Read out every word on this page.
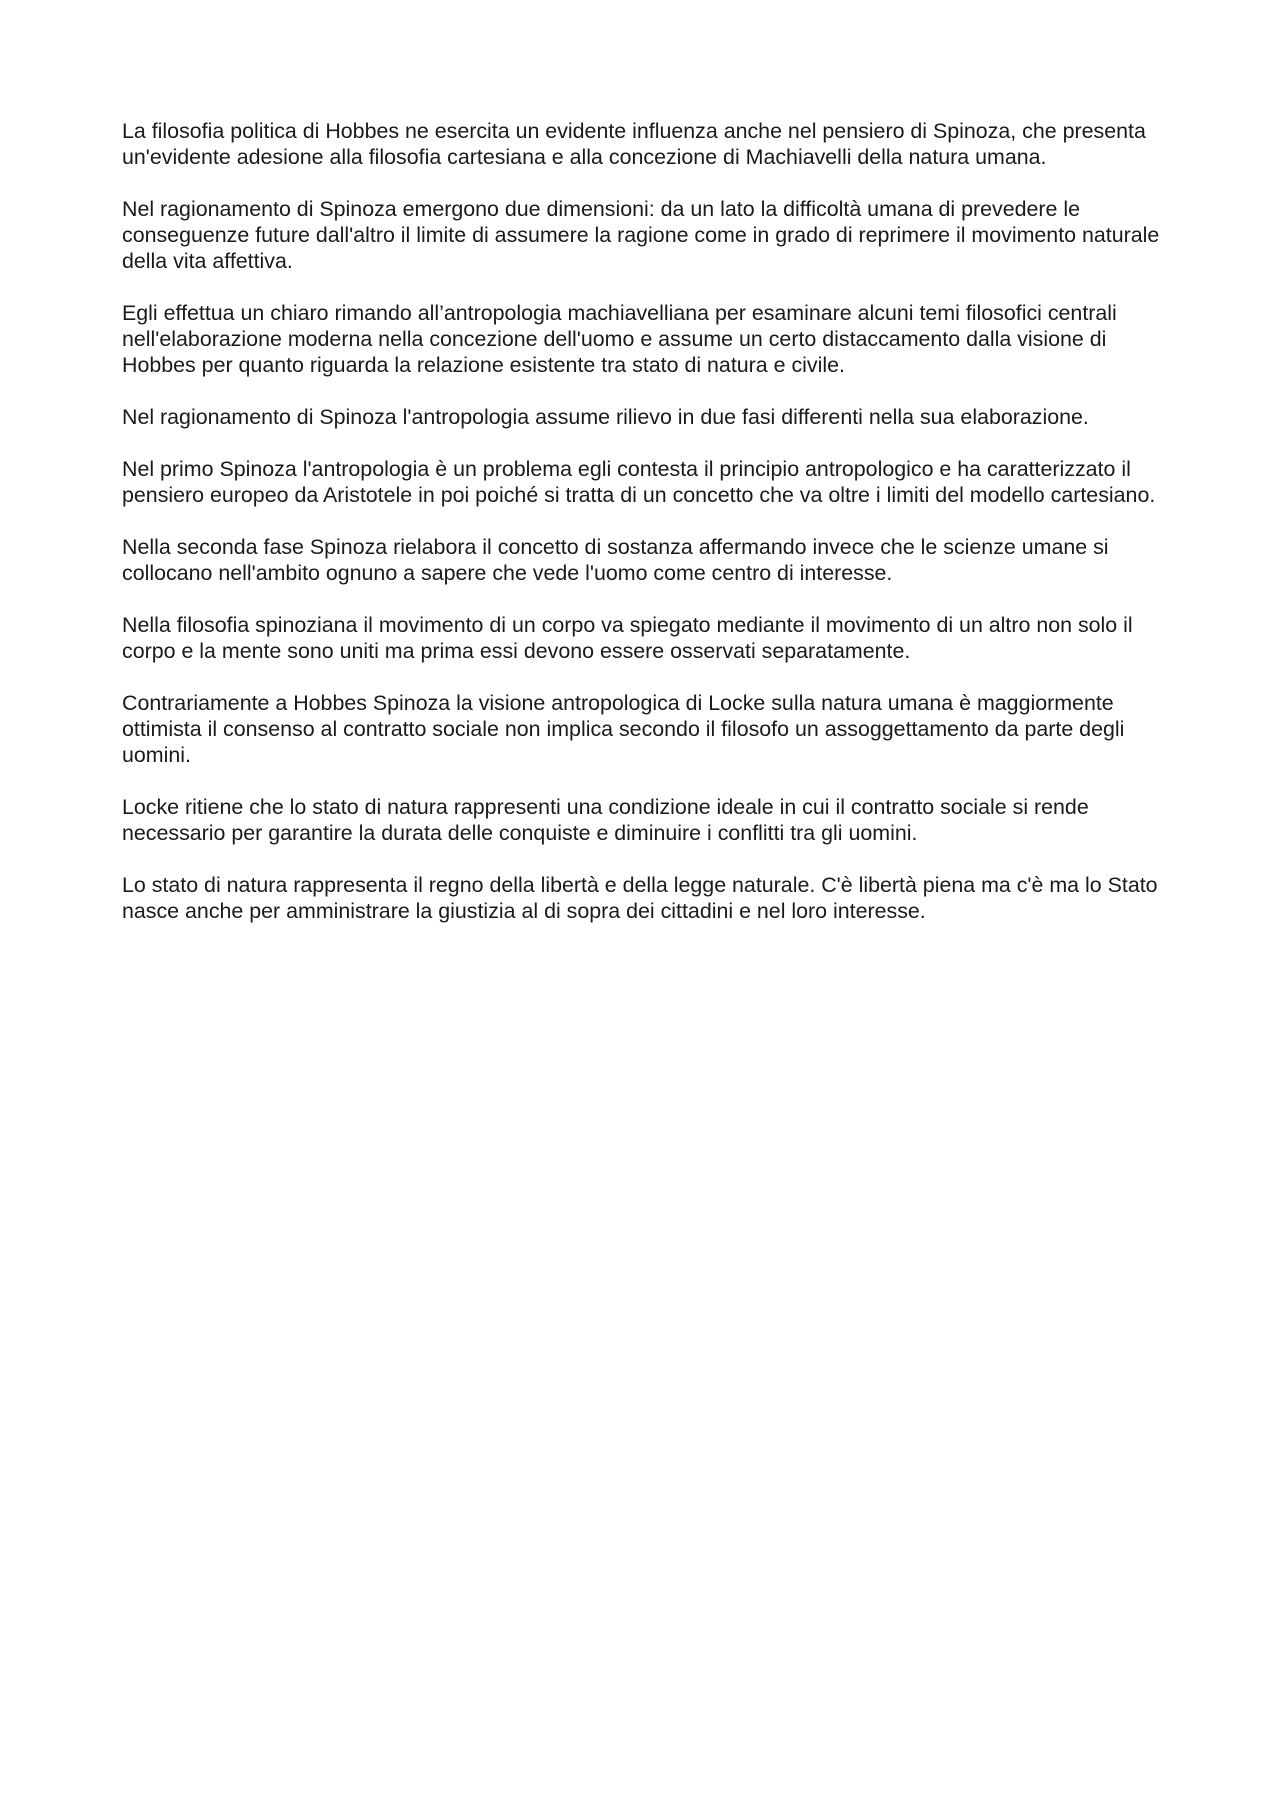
La filosofia politica di Hobbes ne esercita un evidente influenza anche nel pensiero di Spinoza, che presenta un'evidente adesione alla filosofia cartesiana e alla concezione di Machiavelli della natura umana.

Nel ragionamento di Spinoza emergono due dimensioni: da un lato la difficoltà umana di prevedere le conseguenze future dall'altro il limite di assumere la ragione come in grado di reprimere il movimento naturale della vita affettiva.

Egli effettua un chiaro rimando all’antropologia machiavelliana per esaminare alcuni temi filosofici centrali nell'elaborazione moderna nella concezione dell'uomo e assume un certo distaccamento dalla visione di Hobbes per quanto riguarda la relazione esistente tra stato di natura e civile.

Nel ragionamento di Spinoza l'antropologia assume rilievo in due fasi differenti nella sua elaborazione.

Nel primo Spinoza l'antropologia è un problema egli contesta il principio antropologico e ha caratterizzato il pensiero europeo da Aristotele in poi poiché si tratta di un concetto che va oltre i limiti del modello cartesiano.

Nella seconda fase Spinoza rielabora il concetto di sostanza affermando invece che le scienze umane si collocano nell'ambito ognuno a sapere che vede l'uomo come centro di interesse.

Nella filosofia spinoziana il movimento di un corpo va spiegato mediante il movimento di un altro non solo il corpo e la mente sono uniti ma prima essi devono essere osservati separatamente.

Contrariamente a Hobbes Spinoza la visione antropologica di Locke sulla natura umana è maggiormente ottimista il consenso al contratto sociale non implica secondo il filosofo un assoggettamento da parte degli uomini.

Locke ritiene che lo stato di natura rappresenti una condizione ideale in cui il contratto sociale si rende necessario per garantire la durata delle conquiste e diminuire i conflitti tra gli uomini.

Lo stato di natura rappresenta il regno della libertà e della legge naturale. C'è libertà piena ma c'è ma lo Stato nasce anche per amministrare la giustizia al di sopra dei cittadini e nel loro interesse.
